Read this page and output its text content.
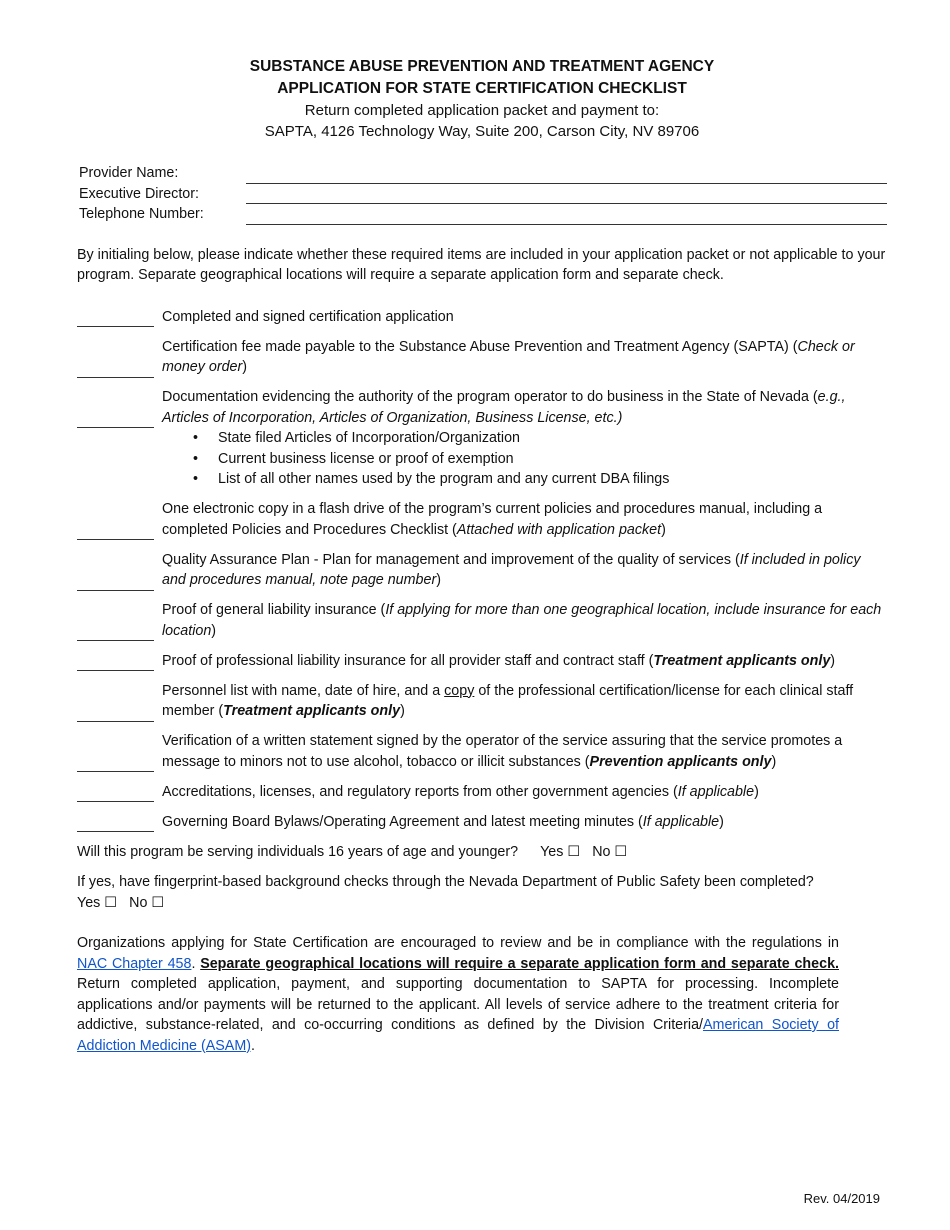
SUBSTANCE ABUSE PREVENTION AND TREATMENT AGENCY
APPLICATION FOR STATE CERTIFICATION CHECKLIST
Return completed application packet and payment to:
SAPTA, 4126 Technology Way, Suite 200, Carson City, NV 89706
Provider Name:
Executive Director:
Telephone Number:
By initialing below, please indicate whether these required items are included in your application packet or not applicable to your program. Separate geographical locations will require a separate application form and separate check.
Completed and signed certification application
Certification fee made payable to the Substance Abuse Prevention and Treatment Agency (SAPTA) (Check or money order)
Documentation evidencing the authority of the program operator to do business in the State of Nevada (e.g., Articles of Incorporation, Articles of Organization, Business License, etc.)
• State filed Articles of Incorporation/Organization
• Current business license or proof of exemption
• List of all other names used by the program and any current DBA filings
One electronic copy in a flash drive of the program’s current policies and procedures manual, including a completed Policies and Procedures Checklist (Attached with application packet)
Quality Assurance Plan - Plan for management and improvement of the quality of services (If included in policy and procedures manual, note page number)
Proof of general liability insurance (If applying for more than one geographical location, include insurance for each location)
Proof of professional liability insurance for all provider staff and contract staff (Treatment applicants only)
Personnel list with name, date of hire, and a copy of the professional certification/license for each clinical staff member (Treatment applicants only)
Verification of a written statement signed by the operator of the service assuring that the service promotes a message to minors not to use alcohol, tobacco or illicit substances (Prevention applicants only)
Accreditations, licenses, and regulatory reports from other government agencies (If applicable)
Governing Board Bylaws/Operating Agreement and latest meeting minutes (If applicable)
Will this program be serving individuals 16 years of age and younger? Yes ☐ No ☐
If yes, have fingerprint-based background checks through the Nevada Department of Public Safety been completed?
Yes ☐ No ☐
Organizations applying for State Certification are encouraged to review and be in compliance with the regulations in NAC Chapter 458. Separate geographical locations will require a separate application form and separate check. Return completed application, payment, and supporting documentation to SAPTA for processing. Incomplete applications and/or payments will be returned to the applicant. All levels of service adhere to the treatment criteria for addictive, substance-related, and co-occurring conditions as defined by the Division Criteria/American Society of Addiction Medicine (ASAM).
Rev. 04/2019
